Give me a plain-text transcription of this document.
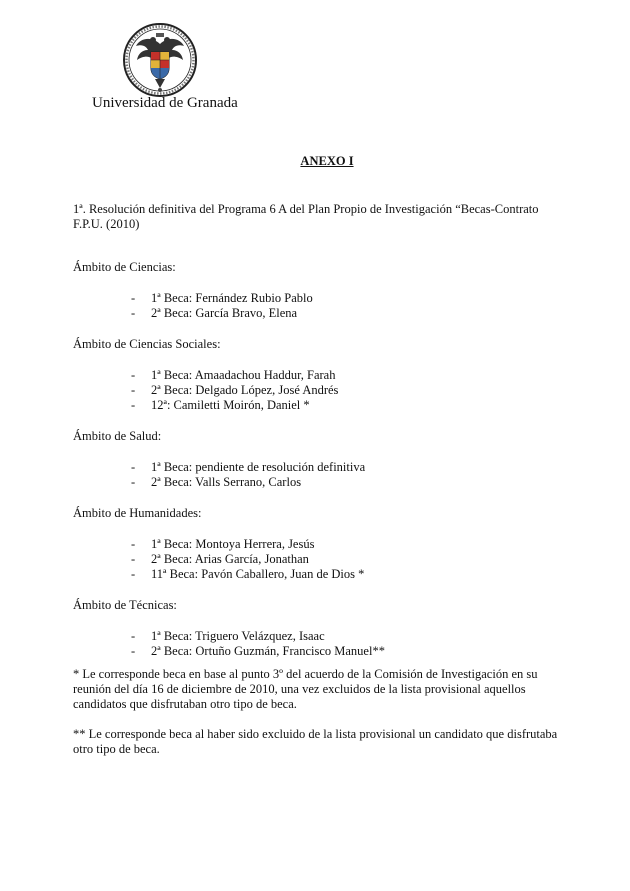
Universidad de Granada
ANEXO I
1ª. Resolución definitiva del Programa 6 A del Plan Propio de Investigación “Becas-Contrato F.P.U. (2010)
Ámbito de Ciencias:
- 1ª Beca: Fernández Rubio Pablo
- 2ª Beca: García Bravo, Elena
Ámbito de Ciencias Sociales:
- 1ª Beca: Amaadachou Haddur, Farah
- 2ª Beca: Delgado López, José Andrés
- 12ª: Camiletti Moirón, Daniel *
Ámbito de Salud:
- 1ª Beca: pendiente de resolución definitiva
- 2ª Beca: Valls Serrano, Carlos
Ámbito de Humanidades:
- 1ª Beca: Montoya Herrera, Jesús
- 2ª Beca: Arias García, Jonathan
- 11ª Beca: Pavón Caballero, Juan de Dios *
Ámbito de Técnicas:
- 1ª Beca: Triguero Velázquez, Isaac
- 2ª Beca: Ortuño Guzmán, Francisco Manuel**

* Le corresponde beca en base al punto 3º del acuerdo de la Comisión de Investigación en su reunión del día 16 de diciembre de 2010, una vez excluidos de la lista provisional aquellos candidatos que disfrutaban otro tipo de beca.

** Le corresponde beca al haber sido excluido de la lista provisional un candidato que disfrutaba otro tipo de beca.
